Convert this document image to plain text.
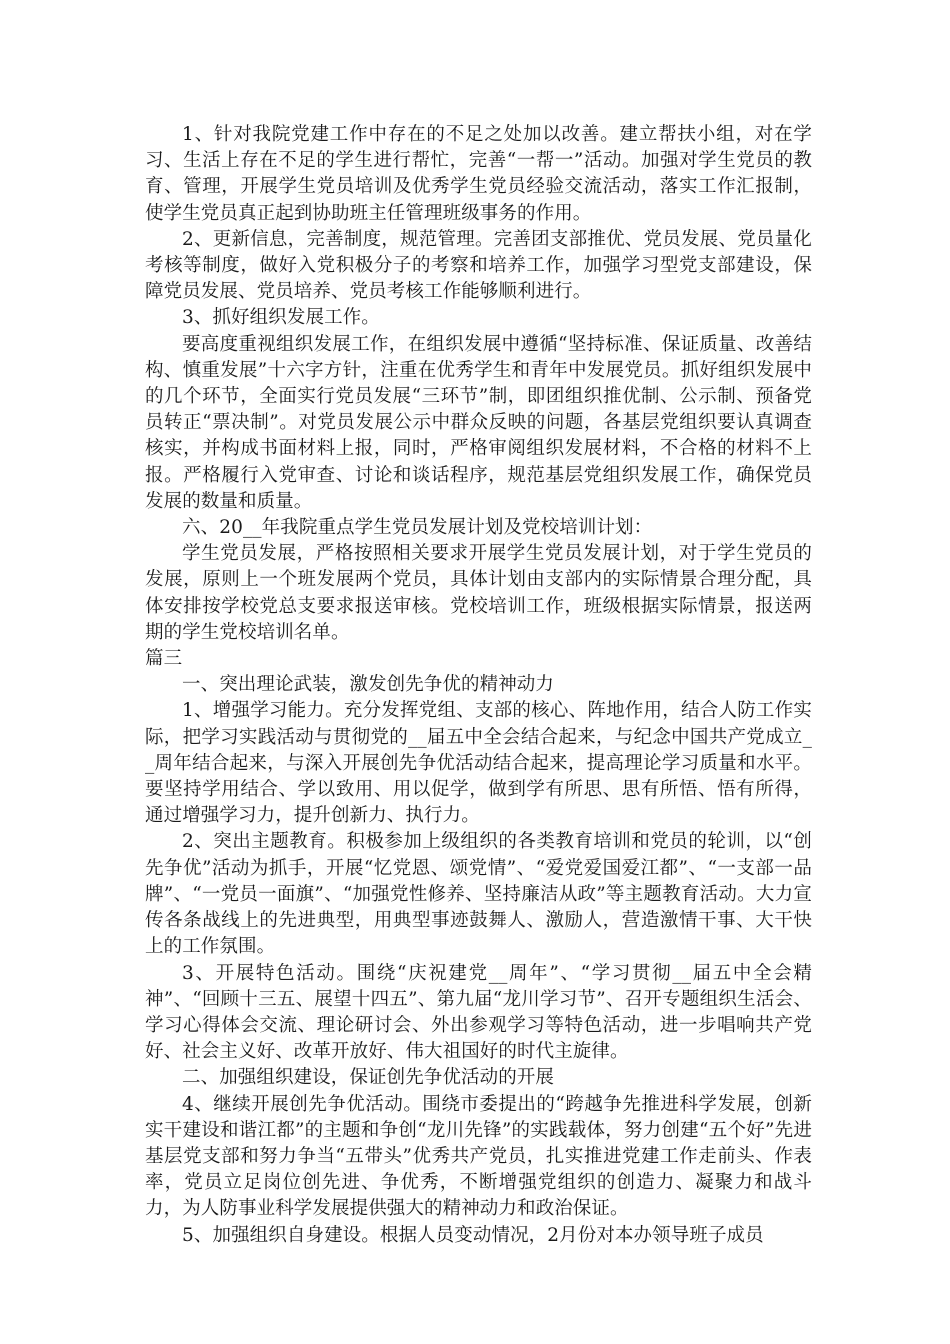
1、针对我院党建工作中存在的不足之处加以改善。建立帮扶小组，对在学习、生活上存在不足的学生进行帮忙，完善“一帮一”活动。加强对学生党员的教育、管理，开展学生党员培训及优秀学生党员经验交流活动，落实工作汇报制，使学生党员真正起到协助班主任管理班级事务的作用。

2、更新信息，完善制度，规范管理。完善团支部推优、党员发展、党员量化考核等制度，做好入党积极分子的考察和培养工作，加强学习型党支部建设，保障党员发展、党员培养、党员考核工作能够顺利进行。

3、抓好组织发展工作。

要高度重视组织发展工作，在组织发展中遵循“坚持标准、保证质量、改善结构、慎重发展”十六字方针，注重在优秀学生和青年中发展党员。抓好组织发展中的几个环节，全面实行党员发展“三环节”制，即团组织推优制、公示制、预备党员转正“票决制”。对党员发展公示中群众反映的问题，各基层党组织要认真调查核实，并构成书面材料上报，同时，严格审阅组织发展材料，不合格的材料不上报。严格履行入党审查、讨论和谈话程序，规范基层党组织发展工作，确保党员发展的数量和质量。

六、20__年我院重点学生党员发展计划及党校培训计划：

学生党员发展，严格按照相关要求开展学生党员发展计划，对于学生党员的发展，原则上一个班发展两个党员，具体计划由支部内的实际情景合理分配，具体安排按学校党总支要求报送审核。党校培训工作，班级根据实际情景，报送两期的学生党校培训名单。

篇三

一、突出理论武装，激发创先争优的精神动力

1、增强学习能力。充分发挥党组、支部的核心、阵地作用，结合人防工作实际，把学习实践活动与贯彻党的__届五中全会结合起来，与纪念中国共产党成立__周年结合起来，与深入开展创先争优活动结合起来，提高理论学习质量和水平。要坚持学用结合、学以致用、用以促学，做到学有所思、思有所悟、悟有所得，通过增强学习力，提升创新力、执行力。

2、突出主题教育。积极参加上级组织的各类教育培训和党员的轮训，以“创先争优”活动为抓手，开展“忆党恩、颂党情”、“爱党爱国爱江都”、“一支部一品牌”、“一党员一面旗”、“加强党性修养、坚持廉洁从政”等主题教育活动。大力宣传各条战线上的先进典型，用典型事迹鼓舞人、激励人，营造激情干事、大干快上的工作氛围。

3、开展特色活动。围绕“庆祝建党__周年”、“学习贯彻__届五中全会精神”、“回顾十三五、展望十四五”、第九届“龙川学习节”、召开专题组织生活会、学习心得体会交流、理论研讨会、外出参观学习等特色活动，进一步唱响共产党好、社会主义好、改革开放好、伟大祖国好的时代主旋律。

二、加强组织建设，保证创先争优活动的开展

4、继续开展创先争优活动。围绕市委提出的“跨越争先推进科学发展，创新实干建设和谐江都”的主题和争创“龙川先锋”的实践载体，努力创建“五个好”先进基层党支部和努力争当“五带头”优秀共产党员，扎实推进党建工作走前头、作表率，党员立足岗位创先进、争优秀，不断增强党组织的创造力、凝聚力和战斗力，为人防事业科学发展提供强大的精神动力和政治保证。

5、加强组织自身建设。根据人员变动情况，2月份对本办领导班子成员
